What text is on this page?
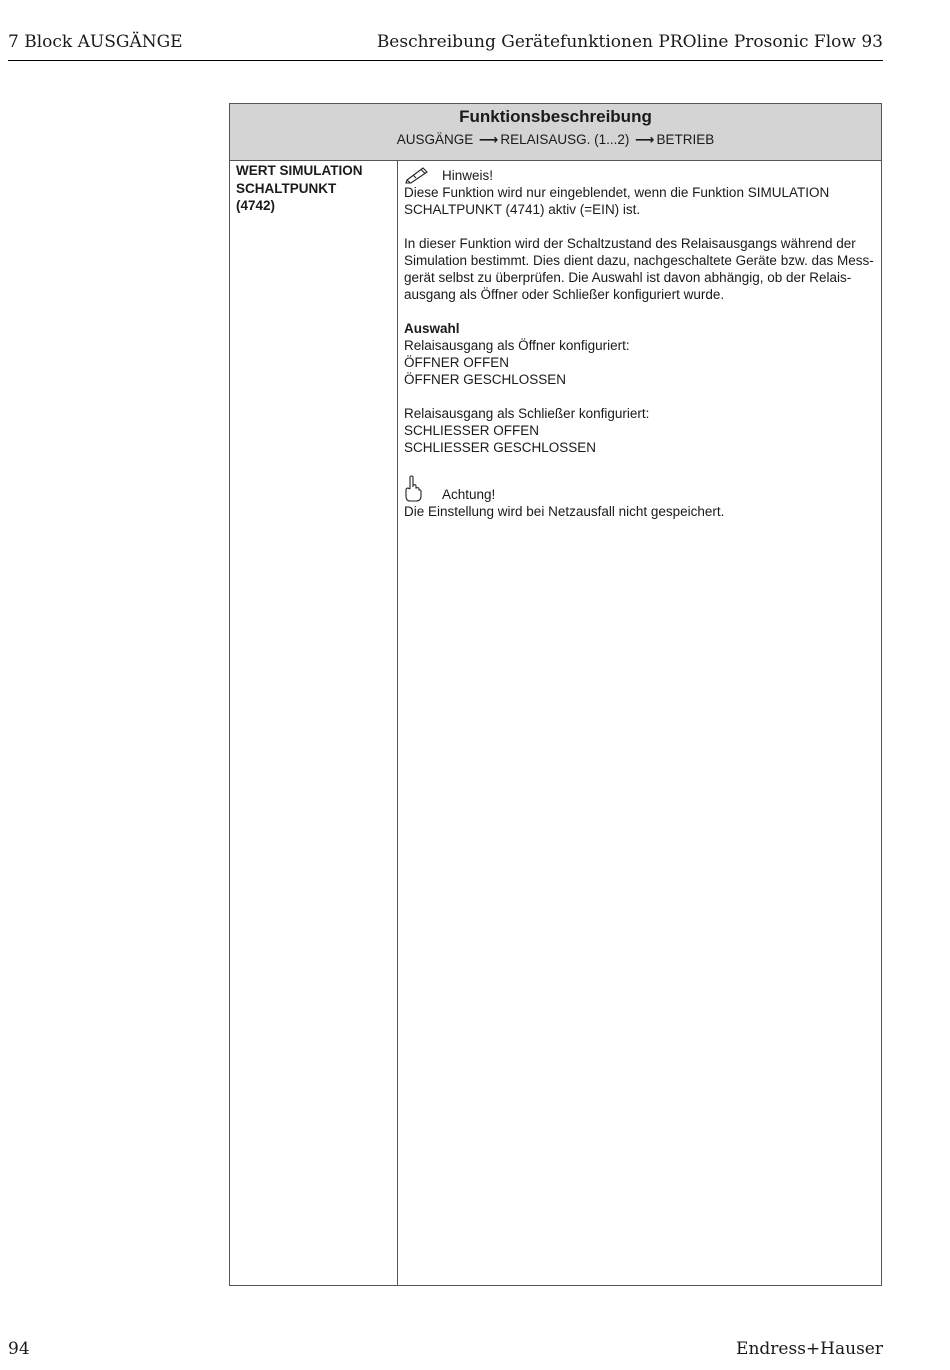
7 Block AUSGÄNGE	Beschreibung Gerätefunktionen PROline Prosonic Flow 93
Funktionsbeschreibung
AUSGÄNGE ⟶ RELAISAUSG. (1...2) ⟶ BETRIEB
WERT SIMULATION
SCHALTPUNKT
(4742)
Hinweis!

Diese Funktion wird nur eingeblendet, wenn die Funktion SIMULATION

SCHALTPUNKT (4741) aktiv (=EIN) ist.

In dieser Funktion wird der Schaltzustand des Relaisausgangs während der

Simulation bestimmt. Dies dient dazu, nachgeschaltete Geräte bzw. das Mess-

gerät selbst zu überprüfen. Die Auswahl ist davon abhängig, ob der Relais-

ausgang als Öffner oder Schließer konfiguriert wurde.

Auswahl

Relaisausgang als Öffner konfiguriert:

ÖFFNER OFFEN

ÖFFNER GESCHLOSSEN

Relaisausgang als Schließer konfiguriert:

SCHLIESSER OFFEN

SCHLIESSER GESCHLOSSEN

Achtung!

Die Einstellung wird bei Netzausfall nicht gespeichert.

94	Endress+Hauser
